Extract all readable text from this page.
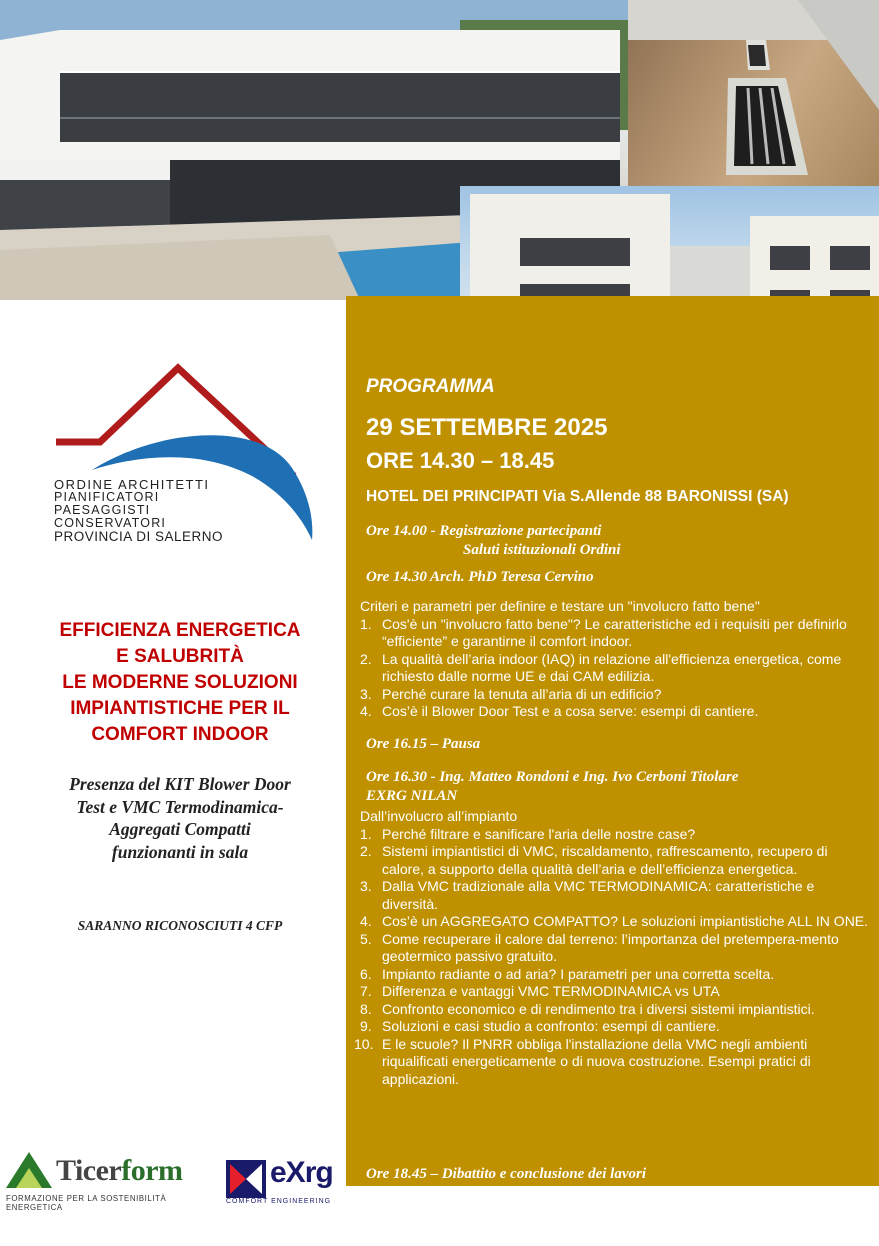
PROGRAMMA
29 SETTEMBRE 2025
ORE 14.30 – 18.45
HOTEL DEI PRINCIPATI Via S.Allende 88 BARONISSI (SA)
Ore 14.00 - Registrazione partecipanti
Saluti istituzionali Ordini
Ore 14.30 Arch. PhD Teresa Cervino

Criteri e parametri per definire e testare un "involucro fatto bene"

1. Cos'è un "involucro fatto bene"? Le caratteristiche ed i requisiti per definirlo “efficiente” e garantirne il comfort indoor.
2. La qualità dell’aria indoor (IAQ) in relazione all'efficienza energetica, come richiesto dalle norme UE e dai CAM edilizia.
3. Perché curare la tenuta all’aria di un edificio?
4. Cos’è il Blower Door Test e a cosa serve: esempi di cantiere.
Ore 16.15 – Pausa
Ore 16.30 - Ing. Matteo Rondoni e Ing. Ivo Cerboni Titolare
EXRG NILAN

Dall’involucro all’impianto

1. Perché filtrare e sanificare l'aria delle nostre case?
2. Sistemi impiantistici di VMC, riscaldamento, raffrescamento, recupero di calore, a supporto della qualità dell’aria e dell’efficienza energetica.
3. Dalla VMC tradizionale alla VMC TERMODINAMICA: caratteristiche e diversità.
4. Cos’è un AGGREGATO COMPATTO? Le soluzioni impiantistiche ALL IN ONE.
5. Come recuperare il calore dal terreno: l’importanza del pretempera-mento geotermico passivo gratuito.
6. Impianto radiante o ad aria? I parametri per una corretta scelta.
7. Differenza e vantaggi VMC TERMODINAMICA vs UTA
8. Confronto economico e di rendimento tra i diversi sistemi impiantistici.
9. Soluzioni e casi studio a confronto: esempi di cantiere.
10. E le scuole? Il PNRR obbliga l'installazione della VMC negli ambienti riqualificati energeticamente o di nuova costruzione. Esempi pratici di applicazioni.
Ore 18.45 – Dibattito e conclusione dei lavori
ORDINE ARCHITETTI
PIANIFICATORI
PAESAGGISTI
CONSERVATORI
PROVINCIA DI SALERNO
EFFICIENZA ENERGETICA
E SALUBRITÀ
LE MODERNE SOLUZIONI
IMPIANTISTICHE PER IL
COMFORT INDOOR
Presenza del KIT Blower Door
Test e VMC Termodinamica-
Aggregati Compatti
funzionanti in sala
SARANNO RICONOSCIUTI 4 CFP
Ticerform
FORMAZIONE PER LA SOSTENIBILITÀ ENERGETICA
eXrg
COMFORT ENGINEERING
